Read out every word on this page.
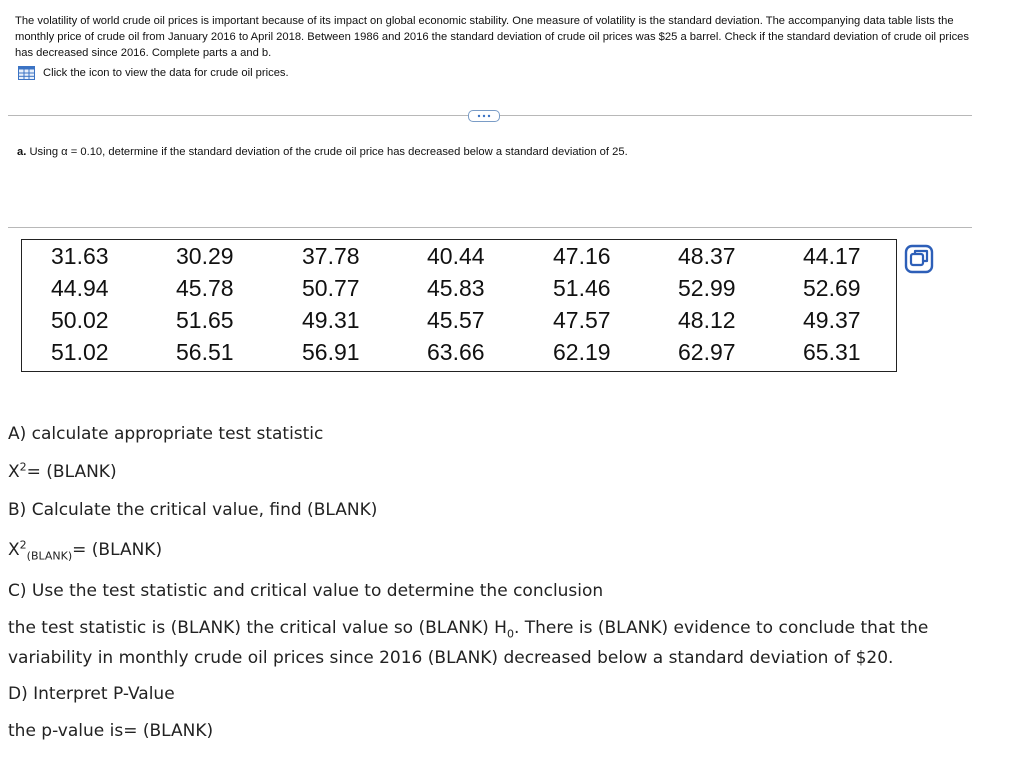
The volatility of world crude oil prices is important because of its impact on global economic stability. One measure of volatility is the standard deviation. The accompanying data table lists the monthly price of crude oil from January 2016 to April 2018. Between 1986 and 2016 the standard deviation of crude oil prices was $25 a barrel. Check if the standard deviation of crude oil prices has decreased since 2016. Complete parts a and b.
Click the icon to view the data for crude oil prices.
a. Using α = 0.10, determine if the standard deviation of the crude oil price has decreased below a standard deviation of 25.
31.63	30.29	37.78	40.44	47.16	48.37	44.17
44.94	45.78	50.77	45.83	51.46	52.99	52.69
50.02	51.65	49.31	45.57	47.57	48.12	49.37
51.02	56.51	56.91	63.66	62.19	62.97	65.31
A) calculate appropriate test statistic
$X^2=$ (BLANK)
B) Calculate the critical value, find (BLANK)
$X^2_{(BLANK)}=$ (BLANK)
C) Use the test statistic and critical value to determine the conclusion
the test statistic is (BLANK) the critical value so (BLANK) $H_0$. There is (BLANK) evidence to conclude that the
variability in monthly crude oil prices since 2016 (BLANK) decreased below a standard deviation of $20.
D) Interpret P-Value
the p-value is= (BLANK)
